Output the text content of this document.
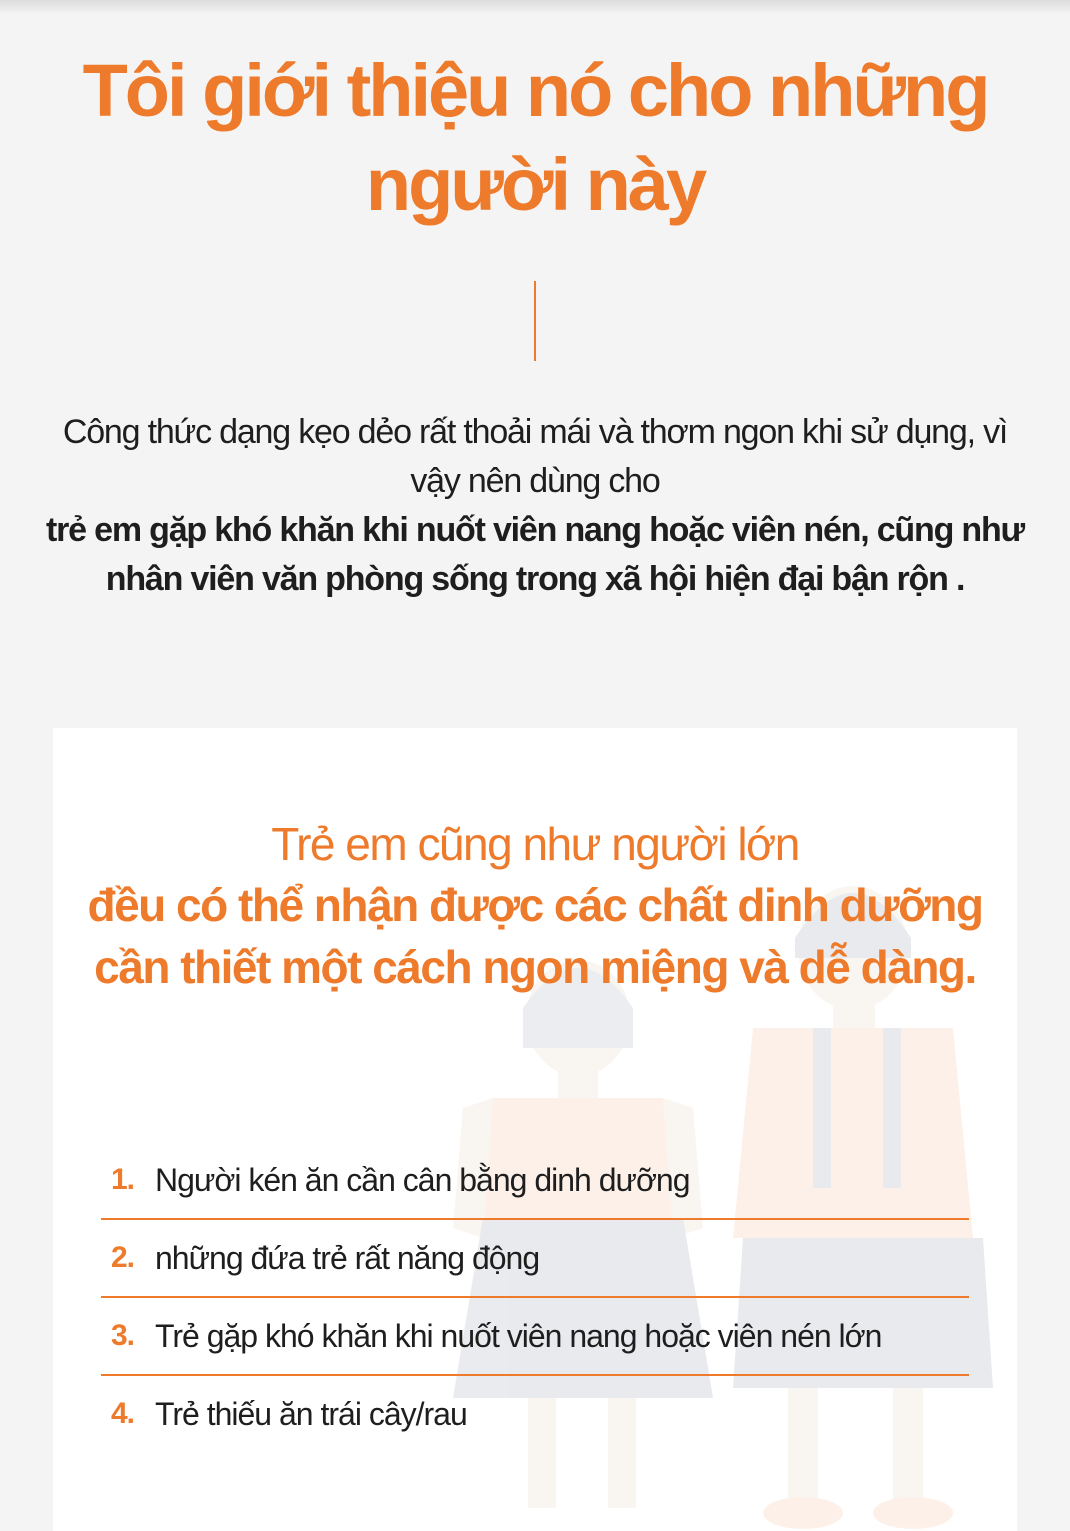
Tôi giới thiệu nó cho những người này

Công thức dạng kẹo dẻo rất thoải mái và thơm ngon khi sử dụng, vì vậy nên dùng cho

trẻ em gặp khó khăn khi nuốt viên nang hoặc viên nén, cũng như

nhân viên văn phòng sống trong xã hội hiện đại bận rộn .

Trẻ em cũng như người lớn
đều có thể nhận được các chất dinh dưỡng cần thiết một cách ngon miệng và dễ dàng.
1. Người kén ăn cần cân bằng dinh dưỡng
2. những đứa trẻ rất năng động
3. Trẻ gặp khó khăn khi nuốt viên nang hoặc viên nén lớn
4. Trẻ thiếu ăn trái cây/rau
